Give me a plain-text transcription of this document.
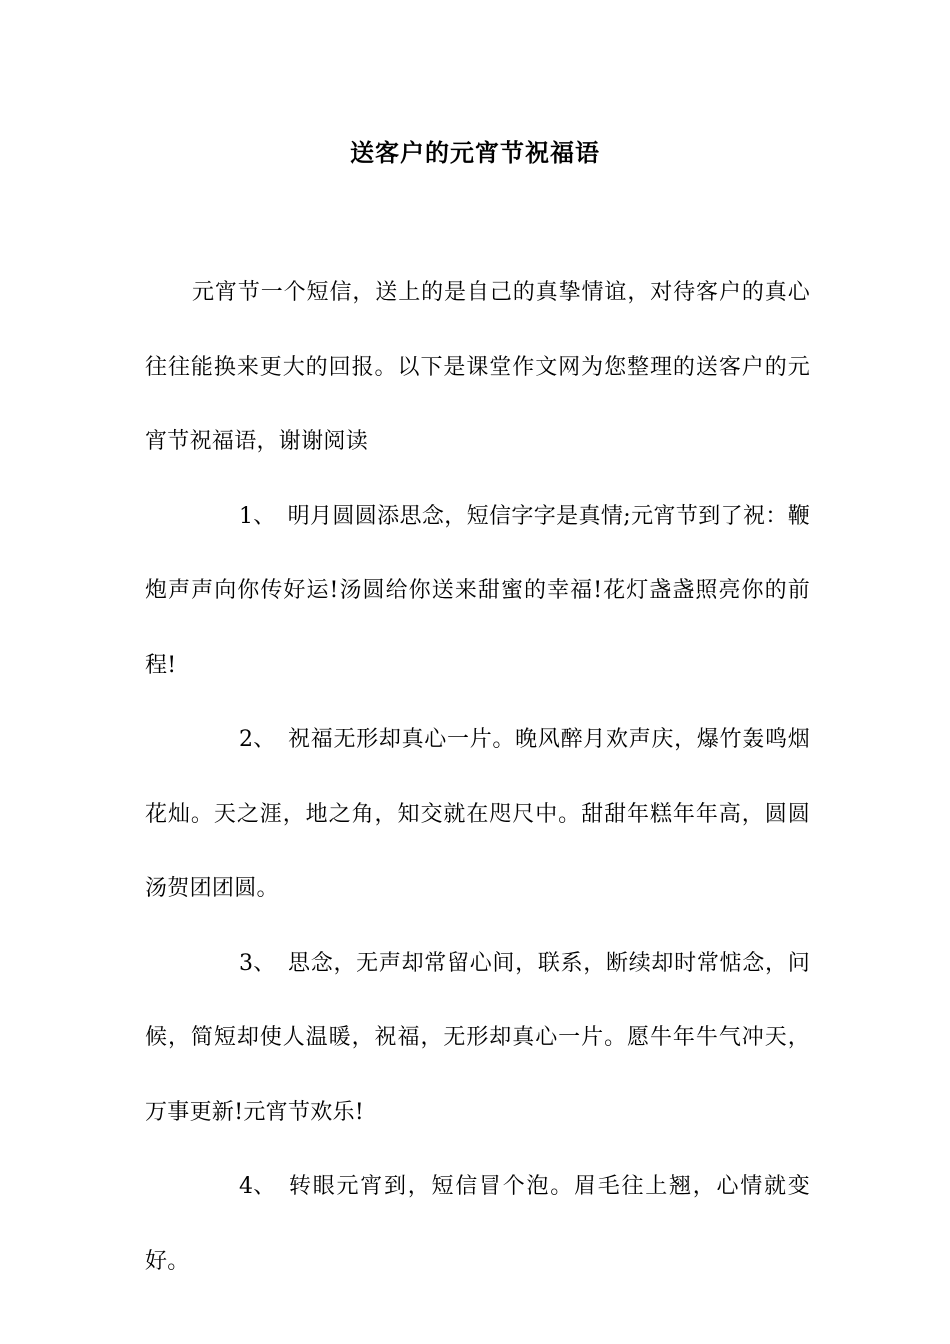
送客户的元宵节祝福语

元宵节一个短信，送上的是自己的真挚情谊，对待客户的真心往往能换来更大的回报。以下是课堂作文网为您整理的送客户的元宵节祝福语，谢谢阅读

1、 明月圆圆添思念，短信字字是真情;元宵节到了祝：鞭炮声声向你传好运!汤圆给你送来甜蜜的幸福!花灯盏盏照亮你的前程!

2、 祝福无形却真心一片。晚风醉月欢声庆，爆竹轰鸣烟花灿。天之涯，地之角，知交就在咫尺中。甜甜年糕年年高，圆圆汤贺团团圆。

3、 思念，无声却常留心间，联系，断续却时常惦念，问候，简短却使人温暖，祝福，无形却真心一片。愿牛年牛气冲天，万事更新!元宵节欢乐!

4、 转眼元宵到，短信冒个泡。眉毛往上翘，心情就变好。
